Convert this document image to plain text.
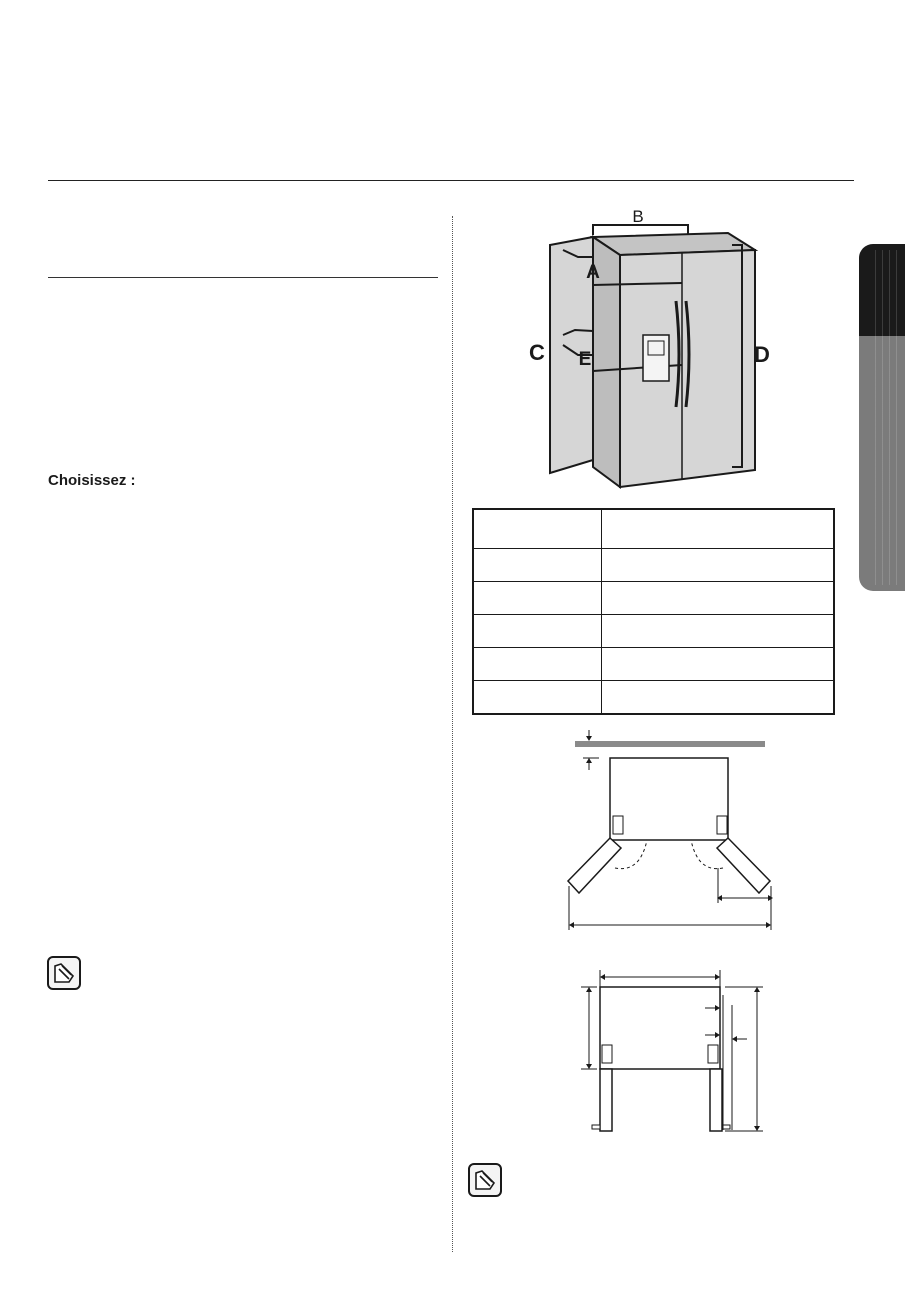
Choisissez :
B
A
C E	D
